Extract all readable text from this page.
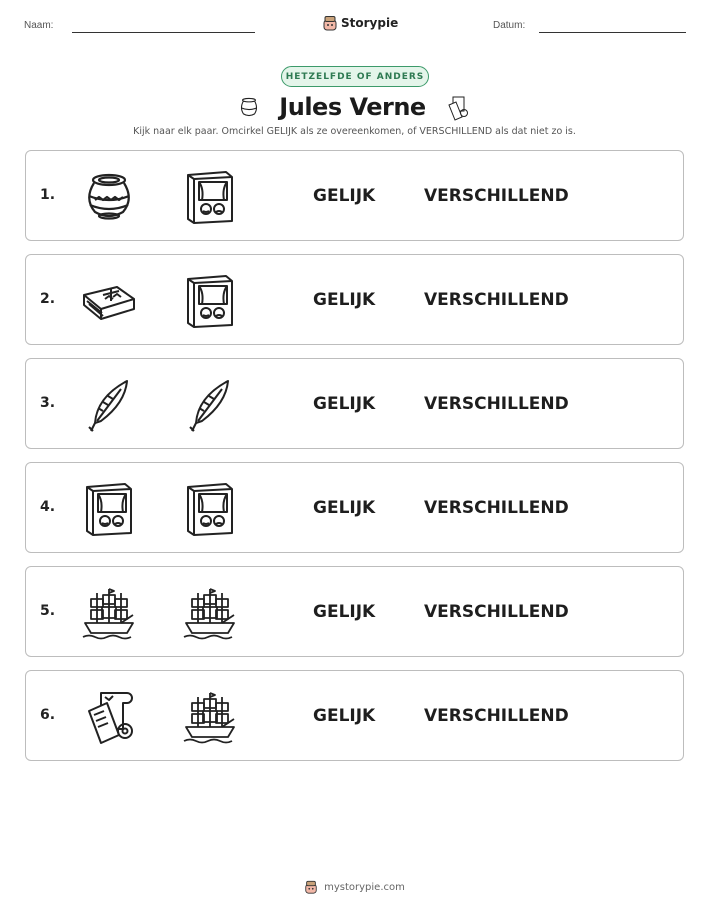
Naam:	Storypie	Datum:
HETZELFDE OF ANDERS
Jules Verne
Kijk naar elk paar. Omcirkel GELIJK als ze overeenkomen, of VERSCHILLEND als dat niet zo is.
1.	GELIJK	VERSCHILLEND
2.	GELIJK	VERSCHILLEND
3.	GELIJK	VERSCHILLEND
4.	GELIJK	VERSCHILLEND
5.	GELIJK	VERSCHILLEND
6.	GELIJK	VERSCHILLEND
mystorypie.com
